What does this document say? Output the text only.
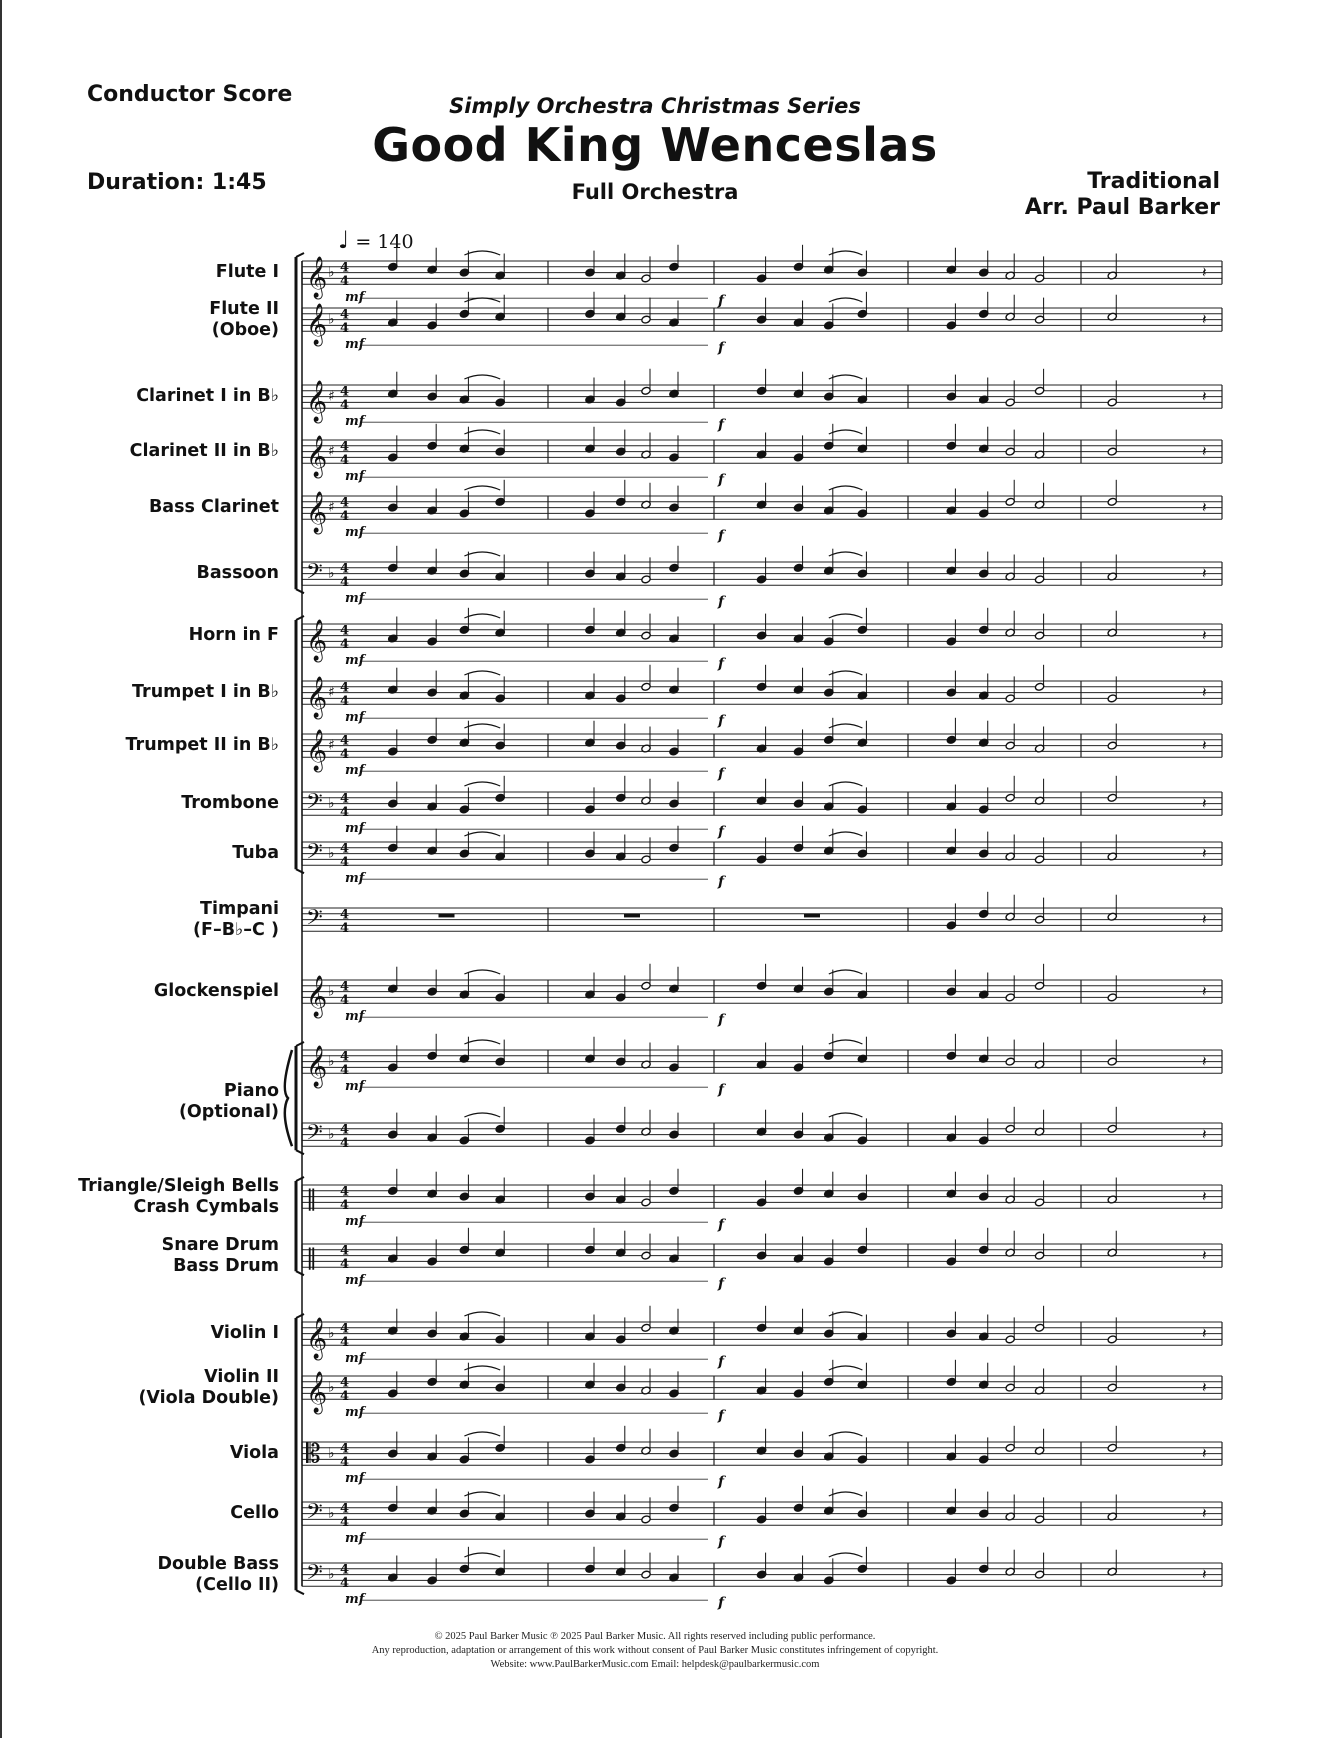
Conductor Score
Duration: 1:45
Simply Orchestra Christmas Series
Good King Wenceslas
Full Orchestra	Traditional
Arr. Paul Barker
♩ = 140
𝄞 ♭ 4
4
𝄽
mf	f
𝄞 ♭ 4
4
𝄽
mf	f
𝄞 ♯ 4
4
𝄽
mf	f
𝄞 ♯ 4
4
𝄽
mf	f
𝄞 ♯ 4
4
𝄽
mf	f
𝄢 ♭ 4
4
𝄽
mf	f
𝄞 4
4
𝄽
mf	f
𝄞 ♯ 4
4
𝄽
mf	f
𝄞 ♯ 4
4
𝄽
mf	f
𝄢 ♭ 4
4
𝄽
mf	f
𝄢 ♭ 4
4
𝄽
mf	f
𝄢 4
4
𝄽
𝄞 ♭ 4
4
𝄽
mf	f
𝄞 ♭ 4
4
𝄽
mf	f
𝄢 ♭ 4
4
𝄽
‖ 4
4
𝄽
mf	f
‖ 4
4
𝄽
mf	f
𝄞 ♭ 4
4
𝄽
mf	f
𝄞 ♭ 4
4
𝄽
mf	f
𝄡 ♭ 4
4
𝄽
mf	f
𝄢 ♭ 4
4
𝄽
mf	f
𝄢 ♭ 4
4
𝄽
mf	f
Flute I
Flute II
(Oboe)
Clarinet I in B♭
Clarinet II in B♭
Bass Clarinet
Bassoon
Horn in F
Trumpet I in B♭
Trumpet II in B♭
Trombone
Tuba
Timpani
(F–B♭–C )
Glockenspiel
Piano
(Optional)
Triangle/Sleigh Bells
Crash Cymbals
Snare Drum
Bass Drum
Violin I
Violin II
(Viola Double)
Viola
Cello
Double Bass
(Cello II)
© 2025 Paul Barker Music ℗ 2025 Paul Barker Music. All rights reserved including public performance.
Any reproduction, adaptation or arrangement of this work without consent of Paul Barker Music constitutes infringement of copyright.
Website: www.PaulBarkerMusic.com Email: helpdesk@paulbarkermusic.com
